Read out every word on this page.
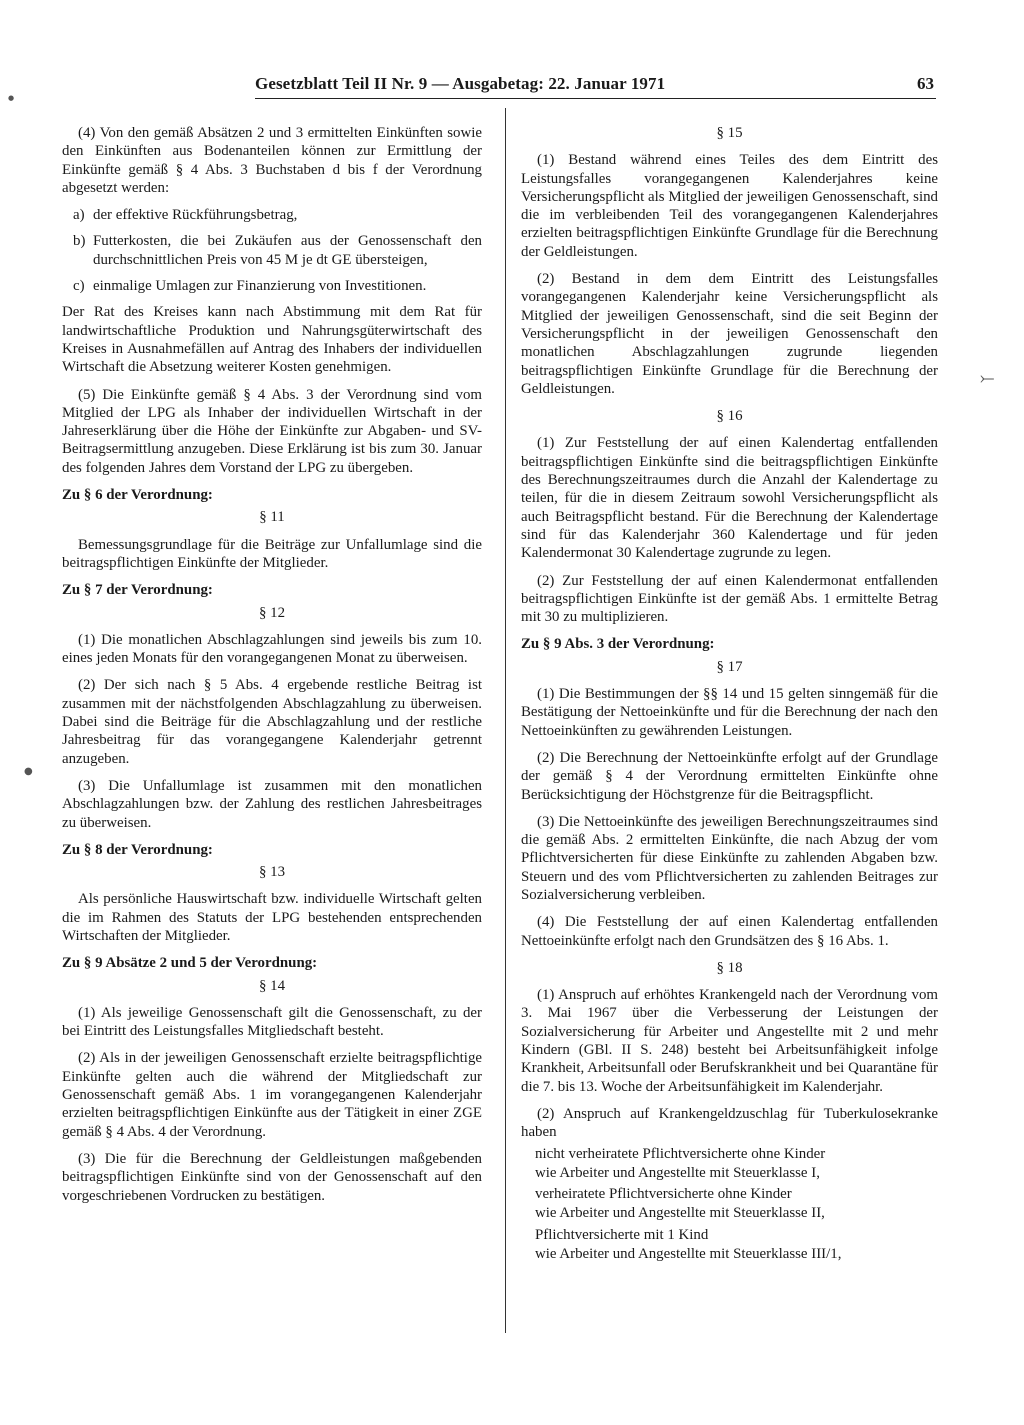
Gesetzblatt Teil II Nr. 9 — Ausgabetag: 22. Januar 1971	63

(4) Von den gemäß Absätzen 2 und 3 ermittelten Einkünften sowie den Einkünften aus Bodenanteilen können zur Ermittlung der Einkünfte gemäß § 4 Abs. 3 Buchstaben d bis f der Verordnung abgesetzt werden:

a) der effektive Rückführungsbetrag,
b) Futterkosten, die bei Zukäufen aus der Genossenschaft den durchschnittlichen Preis von 45 M je dt GE übersteigen,
c) einmalige Umlagen zur Finanzierung von Investitionen.

Der Rat des Kreises kann nach Abstimmung mit dem Rat für landwirtschaftliche Produktion und Nahrungsgüterwirtschaft des Kreises in Ausnahmefällen auf Antrag des Inhabers der individuellen Wirtschaft die Absetzung weiterer Kosten genehmigen.

(5) Die Einkünfte gemäß § 4 Abs. 3 der Verordnung sind vom Mitglied der LPG als Inhaber der individuellen Wirtschaft in der Jahreserklärung über die Höhe der Einkünfte zur Abgaben- und SV-Beitragsermittlung anzugeben. Diese Erklärung ist bis zum 30. Januar des folgenden Jahres dem Vorstand der LPG zu übergeben.

Zu § 6 der Verordnung:

§ 11

Bemessungsgrundlage für die Beiträge zur Unfallumlage sind die beitragspflichtigen Einkünfte der Mitglieder.

Zu § 7 der Verordnung:

§ 12

(1) Die monatlichen Abschlagzahlungen sind jeweils bis zum 10. eines jeden Monats für den vorangegangenen Monat zu überweisen.

(2) Der sich nach § 5 Abs. 4 ergebende restliche Beitrag ist zusammen mit der nächstfolgenden Abschlagzahlung zu überweisen. Dabei sind die Beiträge für die Abschlagzahlung und der restliche Jahresbeitrag für das vorangegangene Kalenderjahr getrennt anzugeben.

(3) Die Unfallumlage ist zusammen mit den monatlichen Abschlagzahlungen bzw. der Zahlung des restlichen Jahresbeitrages zu überweisen.

Zu § 8 der Verordnung:

§ 13

Als persönliche Hauswirtschaft bzw. individuelle Wirtschaft gelten die im Rahmen des Statuts der LPG bestehenden entsprechenden Wirtschaften der Mitglieder.

Zu § 9 Absätze 2 und 5 der Verordnung:

§ 14

(1) Als jeweilige Genossenschaft gilt die Genossenschaft, zu der bei Eintritt des Leistungsfalles Mitgliedschaft besteht.

(2) Als in der jeweiligen Genossenschaft erzielte beitragspflichtige Einkünfte gelten auch die während der Mitgliedschaft zur Genossenschaft gemäß Abs. 1 im vorangegangenen Kalenderjahr erzielten beitragspflichtigen Einkünfte aus der Tätigkeit in einer ZGE gemäß § 4 Abs. 4 der Verordnung.

(3) Die für die Berechnung der Geldleistungen maßgebenden beitragspflichtigen Einkünfte sind von der Genossenschaft auf den vorgeschriebenen Vordrucken zu bestätigen.

§ 15

(1) Bestand während eines Teiles des dem Eintritt des Leistungsfalles vorangegangenen Kalenderjahres keine Versicherungspflicht als Mitglied der jeweiligen Genossenschaft, sind die im verbleibenden Teil des vorangegangenen Kalenderjahres erzielten beitragspflichtigen Einkünfte Grundlage für die Berechnung der Geldleistungen.

(2) Bestand in dem dem Eintritt des Leistungsfalles vorangegangenen Kalenderjahr keine Versicherungspflicht als Mitglied der jeweiligen Genossenschaft, sind die seit Beginn der Versicherungspflicht in der jeweiligen Genossenschaft den monatlichen Abschlagzahlungen zugrunde liegenden beitragspflichtigen Einkünfte Grundlage für die Berechnung der Geldleistungen.

§ 16

(1) Zur Feststellung der auf einen Kalendertag entfallenden beitragspflichtigen Einkünfte sind die beitragspflichtigen Einkünfte des Berechnungszeitraumes durch die Anzahl der Kalendertage zu teilen, für die in diesem Zeitraum sowohl Versicherungspflicht als auch Beitragspflicht bestand. Für die Berechnung der Kalendertage sind für das Kalenderjahr 360 Kalendertage und für jeden Kalendermonat 30 Kalendertage zugrunde zu legen.

(2) Zur Feststellung der auf einen Kalendermonat entfallenden beitragspflichtigen Einkünfte ist der gemäß Abs. 1 ermittelte Betrag mit 30 zu multiplizieren.

Zu § 9 Abs. 3 der Verordnung:

§ 17

(1) Die Bestimmungen der §§ 14 und 15 gelten sinngemäß für die Bestätigung der Nettoeinkünfte und für die Berechnung der nach den Nettoeinkünften zu gewährenden Leistungen.

(2) Die Berechnung der Nettoeinkünfte erfolgt auf der Grundlage der gemäß § 4 der Verordnung ermittelten Einkünfte ohne Berücksichtigung der Höchstgrenze für die Beitragspflicht.

(3) Die Nettoeinkünfte des jeweiligen Berechnungszeitraumes sind die gemäß Abs. 2 ermittelten Einkünfte, die nach Abzug der vom Pflichtversicherten für diese Einkünfte zu zahlenden Abgaben bzw. Steuern und des vom Pflichtversicherten zu zahlenden Beitrages zur Sozialversicherung verbleiben.

(4) Die Feststellung der auf einen Kalendertag entfallenden Nettoeinkünfte erfolgt nach den Grundsätzen des § 16 Abs. 1.

§ 18

(1) Anspruch auf erhöhtes Krankengeld nach der Verordnung vom 3. Mai 1967 über die Verbesserung der Leistungen der Sozialversicherung für Arbeiter und Angestellte mit 2 und mehr Kindern (GBl. II S. 248) besteht bei Arbeitsunfähigkeit infolge Krankheit, Arbeitsunfall oder Berufskrankheit und bei Quarantäne für die 7. bis 13. Woche der Arbeitsunfähigkeit im Kalenderjahr.

(2) Anspruch auf Krankengeldzuschlag für Tuberkulosekranke haben

nicht verheiratete Pflichtversicherte ohne Kinder

wie Arbeiter und Angestellte mit Steuerklasse I,

verheiratete Pflichtversicherte ohne Kinder

wie Arbeiter und Angestellte mit Steuerklasse II,

Pflichtversicherte mit 1 Kind

wie Arbeiter und Angestellte mit Steuerklasse III/1,

⤚
●
●
